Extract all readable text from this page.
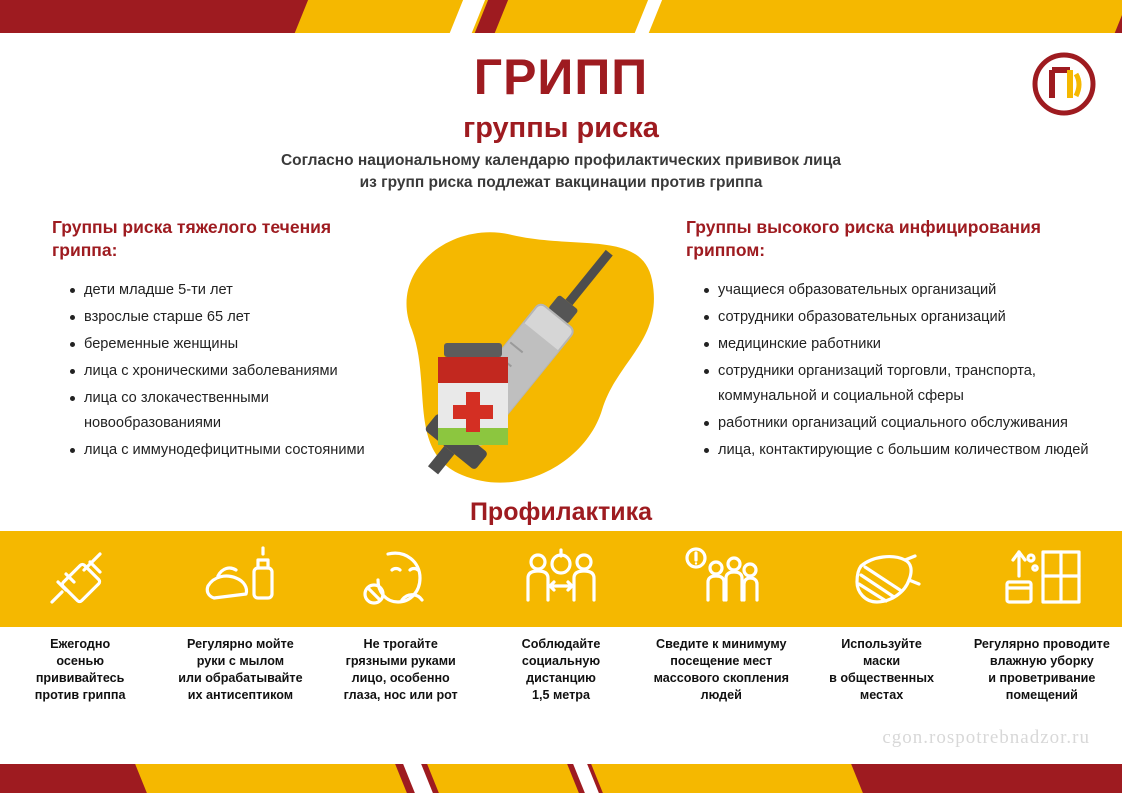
ГРИПП
группы риска
Согласно национальному календарю профилактических прививок лица
из групп риска подлежат вакцинации против гриппа
Группы риска тяжелого течения гриппа:
дети младше 5-ти лет
взрослые старше 65 лет
беременные женщины
лица с хроническими заболеваниями
лица со злокачественными новообразованиями
лица с иммунодефицитными состояними
Группы высокого риска инфицирования гриппом:
учащиеся образовательных организаций
сотрудники образовательных организаций
медицинские работники
сотрудники организаций торговли, транспорта, коммунальной и социальной сферы
работники организаций социального обслуживания
лица, контактирующие с большим количеством людей
Профилактика
Ежегодно
осенью
прививайтесь
против гриппа
Регулярно мойте
руки с мылом
или обрабатывайте
их антисептиком
Не трогайте
грязными руками
лицо, особенно
глаза, нос или рот
Соблюдайте
социальную
дистанцию
1,5 метра
Сведите к минимуму
посещение мест
массового скопления
людей
Используйте
маски
в общественных
местах
Регулярно проводите
влажную уборку
и проветривание
помещений
cgon.rospotrebnadzor.ru
